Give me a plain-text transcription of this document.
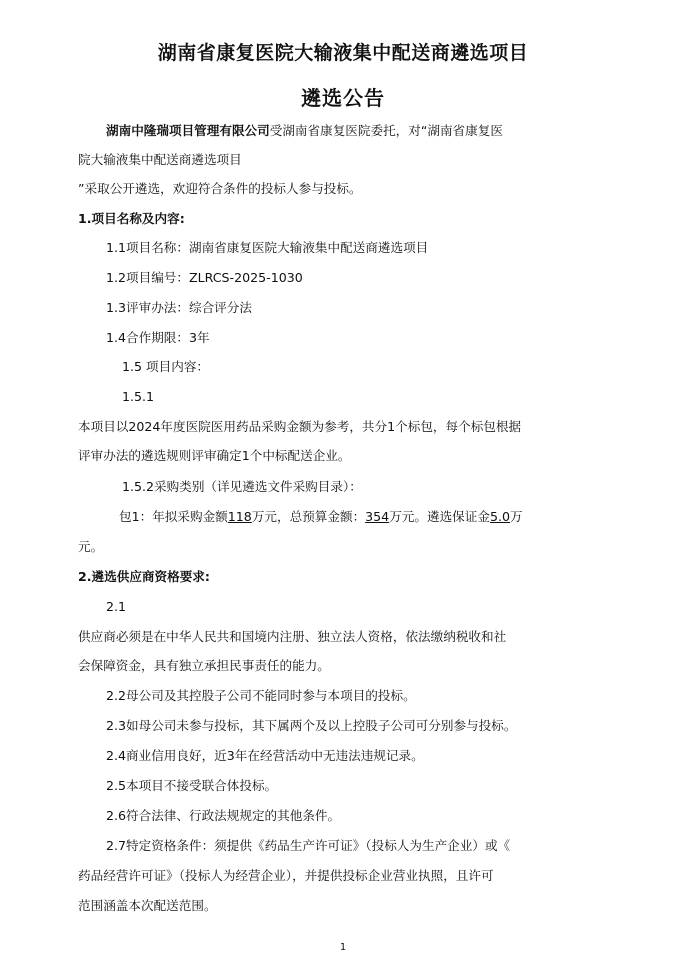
湖南省康复医院大输液集中配送商遴选项目
遴选公告
湖南中隆瑞项目管理有限公司受湖南省康复医院委托，对“湖南省康复医
院大输液集中配送商遴选项目
”采取公开遴选，欢迎符合条件的投标人参与投标。
1.项目名称及内容:
1.1项目名称：湖南省康复医院大输液集中配送商遴选项目
1.2项目编号：ZLRCS-2025-1030
1.3评审办法：综合评分法
1.4合作期限：3年
1.5 项目内容：
1.5.1
本项目以2024年度医院医用药品采购金额为参考，共分1个标包，每个标包根据
评审办法的遴选规则评审确定1个中标配送企业。
1.5.2采购类别（详见遴选文件采购目录）：
包1：年拟采购金额118万元，总预算金额：354万元。遴选保证金5.0万
元。
2.遴选供应商资格要求:
2.1
供应商必须是在中华人民共和国境内注册、独立法人资格，依法缴纳税收和社
会保障资金，具有独立承担民事责任的能力。
2.2母公司及其控股子公司不能同时参与本项目的投标。
2.3如母公司未参与投标，其下属两个及以上控股子公司可分别参与投标。
2.4商业信用良好，近3年在经营活动中无违法违规记录。
2.5本项目不接受联合体投标。
2.6符合法律、行政法规规定的其他条件。
2.7特定资格条件：须提供《药品生产许可证》（投标人为生产企业）或《
药品经营许可证》（投标人为经营企业），并提供投标企业营业执照，且许可
范围涵盖本次配送范围。
1
